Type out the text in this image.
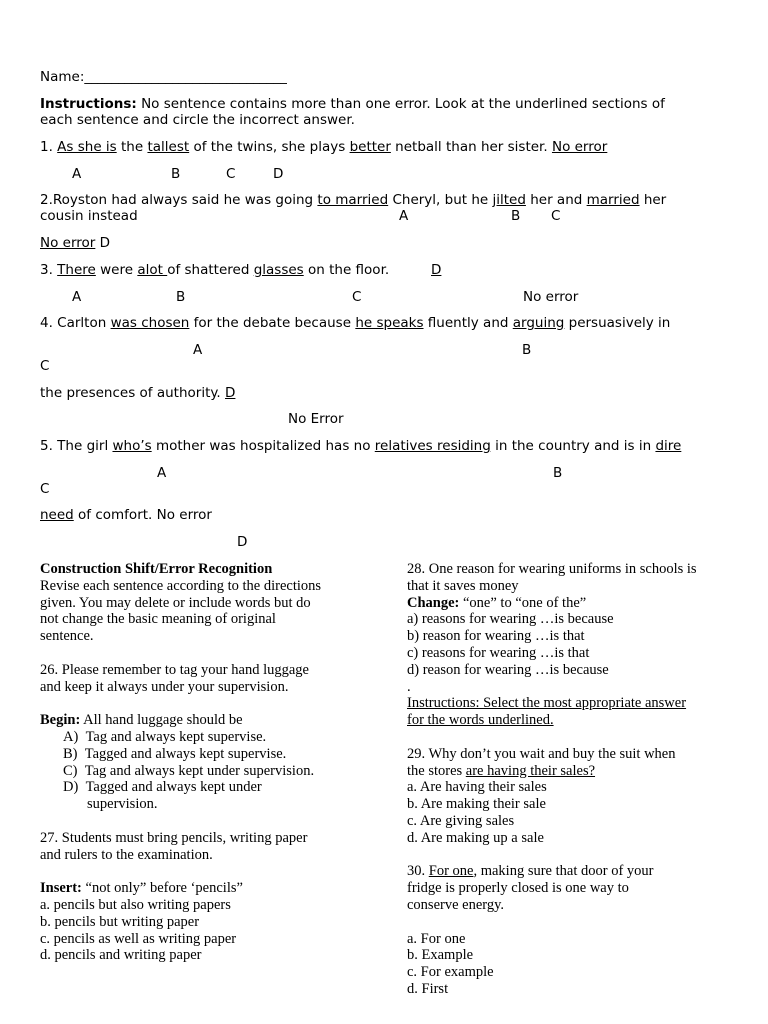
Name:______________________________
Instructions: No sentence contains more than one error. Look at the underlined sections of
each sentence and circle the incorrect answer.
1. As she is the tallest of the twins, she plays better netball than her sister. No error
A	B	C	D
2.Royston had always said he was going to married Cheryl, but he jilted her and married her
cousin instead	A	B C
No error D
3. There were alot of shattered glasses on the floor.	D
A	B	C	No error
4. Carlton was chosen for the debate because he speaks fluently and arguing persuasively in
A	B
C
the presences of authority. D
No Error
5. The girl who’s mother was hospitalized has no relatives residing in the country and is in dire
A	B
C
need of comfort. No error
D

Construction Shift/Error Recognition

Revise each sentence according to the directions

given. You may delete or include words but do

not change the basic meaning of original

sentence.

26. Please remember to tag your hand luggage

and keep it always under your supervision.

Begin: All hand luggage should be

A) Tag and always kept supervise.

B) Tagged and always kept supervise.

C) Tag and always kept under supervision.

D) Tagged and always kept under

supervision.

27. Students must bring pencils, writing paper

and rulers to the examination.

Insert: “not only” before ‘pencils”

a. pencils but also writing papers

b. pencils but writing paper

c. pencils as well as writing paper

d. pencils and writing paper

28. One reason for wearing uniforms in schools is

that it saves money

Change: “one” to “one of the”

a) reasons for wearing …is because

b) reason for wearing …is that

c) reasons for wearing …is that

d) reason for wearing …is because

.

Instructions: Select the most appropriate answer

for the words underlined.

29. Why don’t you wait and buy the suit when

the stores are having their sales?

a. Are having their sales

b. Are making their sale

c. Are giving sales

d. Are making up a sale

30. For one, making sure that door of your

fridge is properly closed is one way to

conserve energy.

a. For one

b. Example

c. For example

d. First
